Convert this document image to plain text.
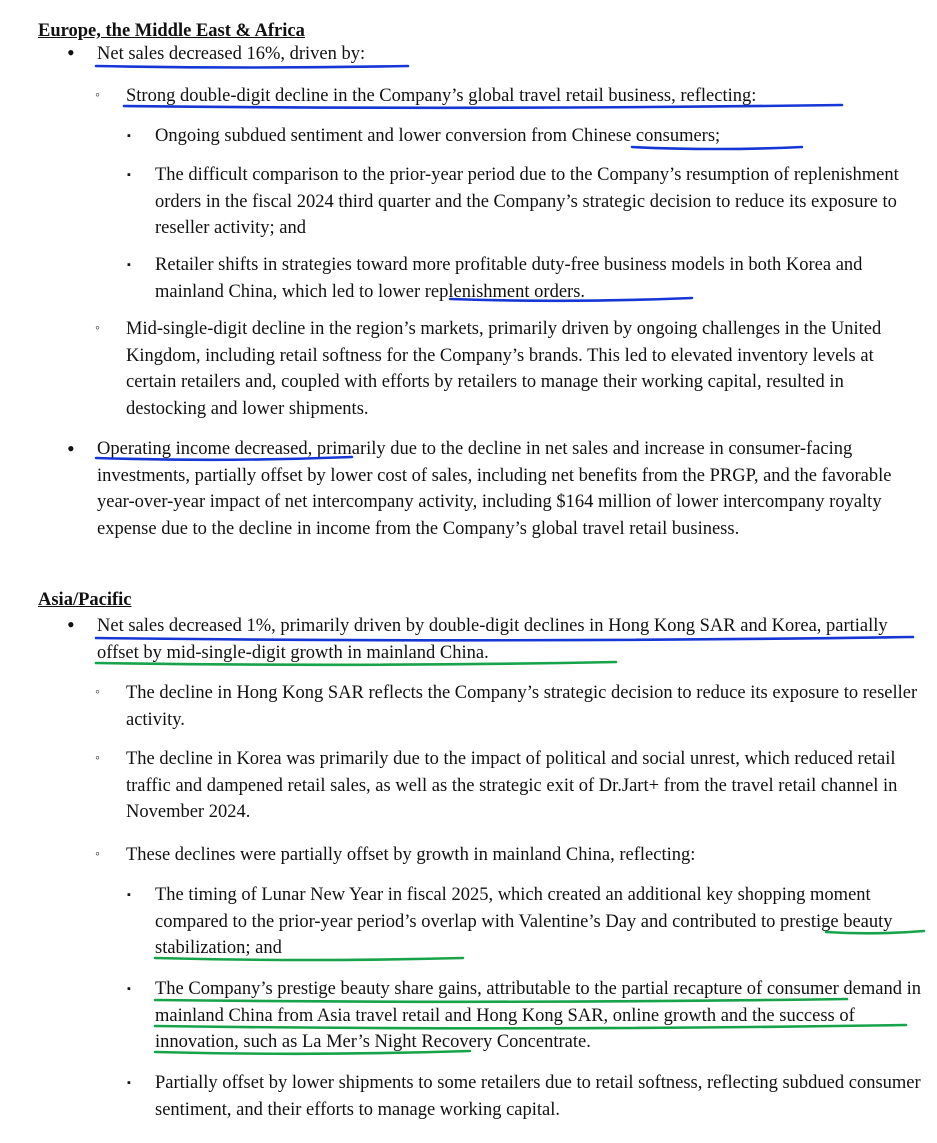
Europe, the Middle East & Africa
• Net sales decreased 16%, driven by:

◦ Strong double-digit decline in the Company’s global travel retail business, reflecting:

▪ Ongoing subdued sentiment and lower conversion from Chinese consumers;

▪ The difficult comparison to the prior-year period due to the Company’s resumption of replenishment orders in the fiscal 2024 third quarter and the Company’s strategic decision to reduce its exposure to reseller activity; and

▪ Retailer shifts in strategies toward more profitable duty-free business models in both Korea and mainland China, which led to lower replenishment orders.

◦ Mid-single-digit decline in the region’s markets, primarily driven by ongoing challenges in the United Kingdom, including retail softness for the Company’s brands. This led to elevated inventory levels at certain retailers and, coupled with efforts by retailers to manage their working capital, resulted in destocking and lower shipments.

• Operating income decreased, primarily due to the decline in net sales and increase in consumer-facing investments, partially offset by lower cost of sales, including net benefits from the PRGP, and the favorable year-over-year impact of net intercompany activity, including $164 million of lower intercompany royalty expense due to the decline in income from the Company’s global travel retail business.

Asia/Pacific
• Net sales decreased 1%, primarily driven by double-digit declines in Hong Kong SAR and Korea, partially offset by mid-single-digit growth in mainland China.

◦ The decline in Hong Kong SAR reflects the Company’s strategic decision to reduce its exposure to reseller activity.

◦ The decline in Korea was primarily due to the impact of political and social unrest, which reduced retail traffic and dampened retail sales, as well as the strategic exit of Dr.Jart+ from the travel retail channel in November 2024.

◦ These declines were partially offset by growth in mainland China, reflecting:

▪ The timing of Lunar New Year in fiscal 2025, which created an additional key shopping moment compared to the prior-year period’s overlap with Valentine’s Day and contributed to prestige beauty stabilization; and

▪ The Company’s prestige beauty share gains, attributable to the partial recapture of consumer demand in mainland China from Asia travel retail and Hong Kong SAR, online growth and the success of innovation, such as La Mer’s Night Recovery Concentrate.

▪ Partially offset by lower shipments to some retailers due to retail softness, reflecting subdued consumer sentiment, and their efforts to manage working capital.
